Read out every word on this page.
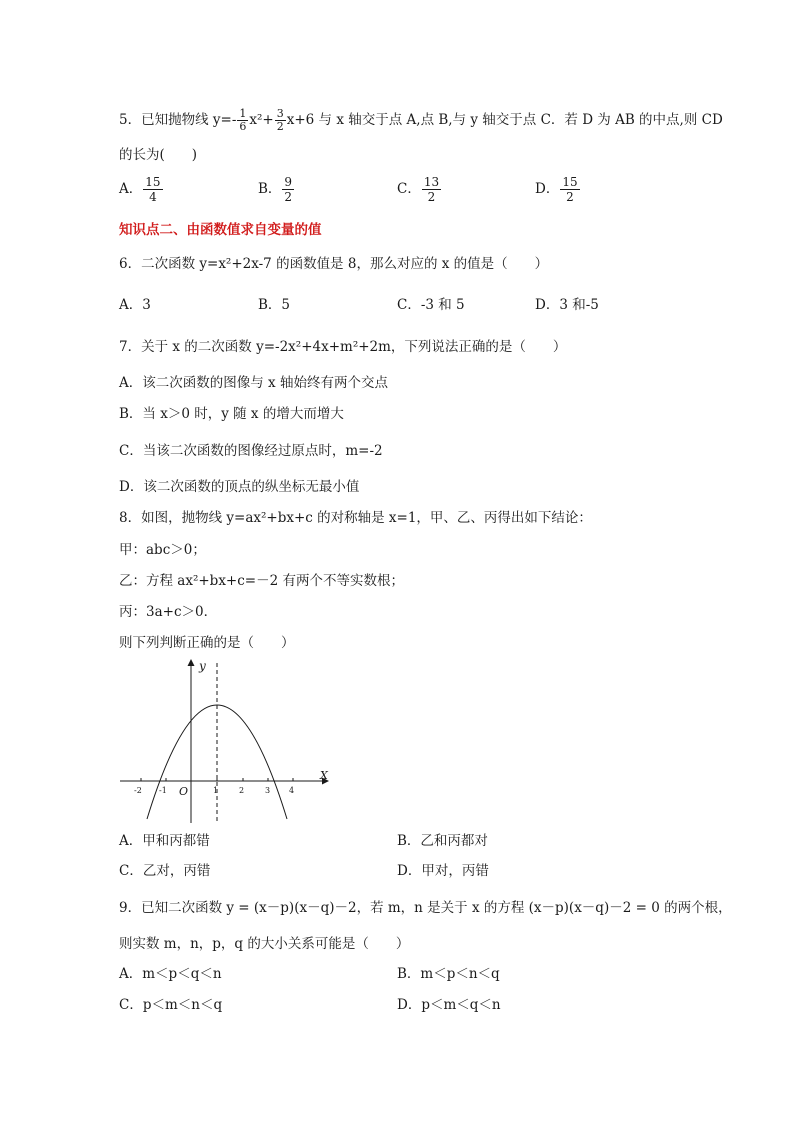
5．已知抛物线 $y=- \frac{1}{6} x^2+ \frac{3}{2} x+6$ 与 x 轴交于点 A,点 B,与 y 轴交于点 C．若 D 为 AB 的中点,则 CD
的长为(　　)
A． $\frac{15}{4}$	B． $\frac{9}{2}$	C． $\frac{13}{2}$	D． $\frac{15}{2}$
知识点二、由函数值求自变量的值
6．二次函数 y=x²+2x-7 的函数值是 8，那么对应的 x 的值是（　　）
A．3	B．5	C．-3 和 5	D．3 和-5
7．关于 x 的二次函数 y=-2x²+4x+m²+2m，下列说法正确的是（　　）
A．该二次函数的图像与 x 轴始终有两个交点
B．当 x＞0 时，y 随 x 的增大而增大
C．当该二次函数的图像经过原点时，m=-2
D．该二次函数的顶点的纵坐标无最小值
8．如图，抛物线 y=ax²+bx+c 的对称轴是 x=1，甲、乙、丙得出如下结论：
甲：abc＞0；
乙：方程 ax²+bx+c=－2 有两个不等实数根；
丙：3a+c＞0．
则下列判断正确的是（　　）
y
X
O
-2 -1	1	2	3 4
A．甲和丙都错	B．乙和丙都对
C．乙对，丙错	D．甲对，丙错
9．已知二次函数 y = (x－p)(x－q)－2，若 m，n 是关于 x 的方程 (x－p)(x－q)－2 = 0 的两个根，
则实数 m，n，p，q 的大小关系可能是（　　）
A．m＜p＜q＜n	B．m＜p＜n＜q
C．p＜m＜n＜q	D．p＜m＜q＜n
